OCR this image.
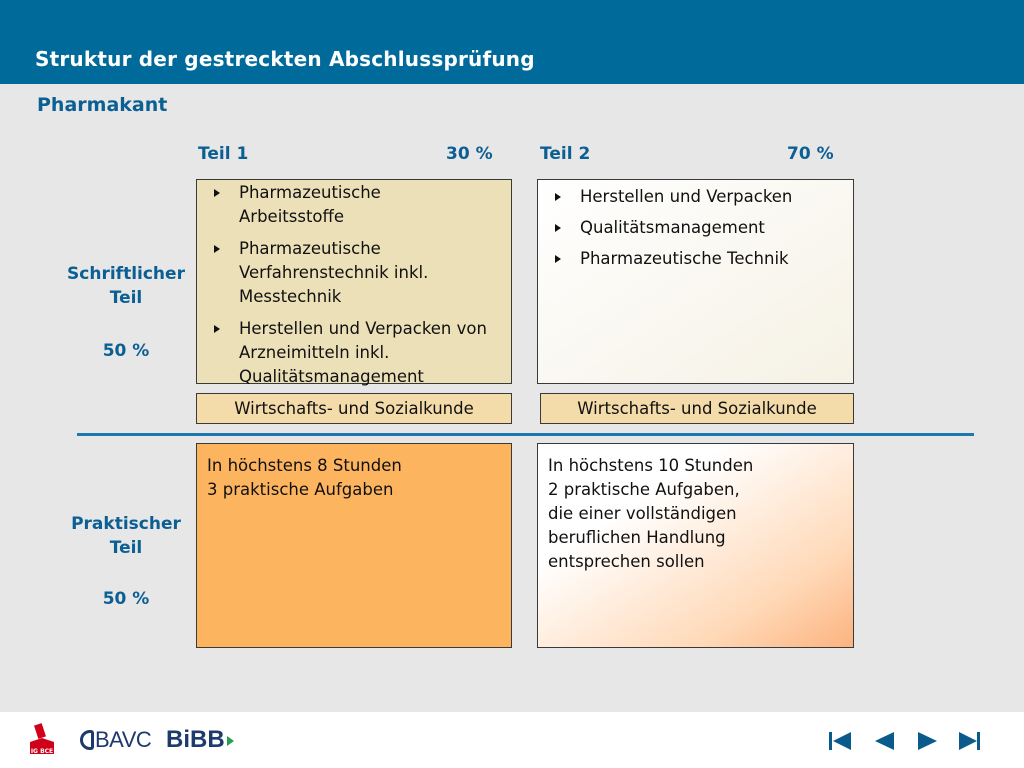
Struktur der gestreckten Abschlussprüfung
Pharmakant
Teil 1	30 %	Teil 2	70 %
Schriftlicher
Teil
50 %
Praktischer
Teil
50 %
Pharmazeutische Arbeitsstoffe
Pharmazeutische Verfahrenstechnik inkl. Messtechnik
Herstellen und Verpacken von Arzneimitteln inkl. Qualitätsmanagement
Herstellen und Verpacken
Qualitätsmanagement
Pharmazeutische Technik
Wirtschafts- und Sozialkunde	Wirtschafts- und Sozialkunde
In höchstens 8 Stunden
3 praktische Aufgaben
In höchstens 10 Stunden
2 praktische Aufgaben,
die einer vollständigen
beruflichen Handlung
entsprechen sollen
IG BCE	BAVC BiBB
